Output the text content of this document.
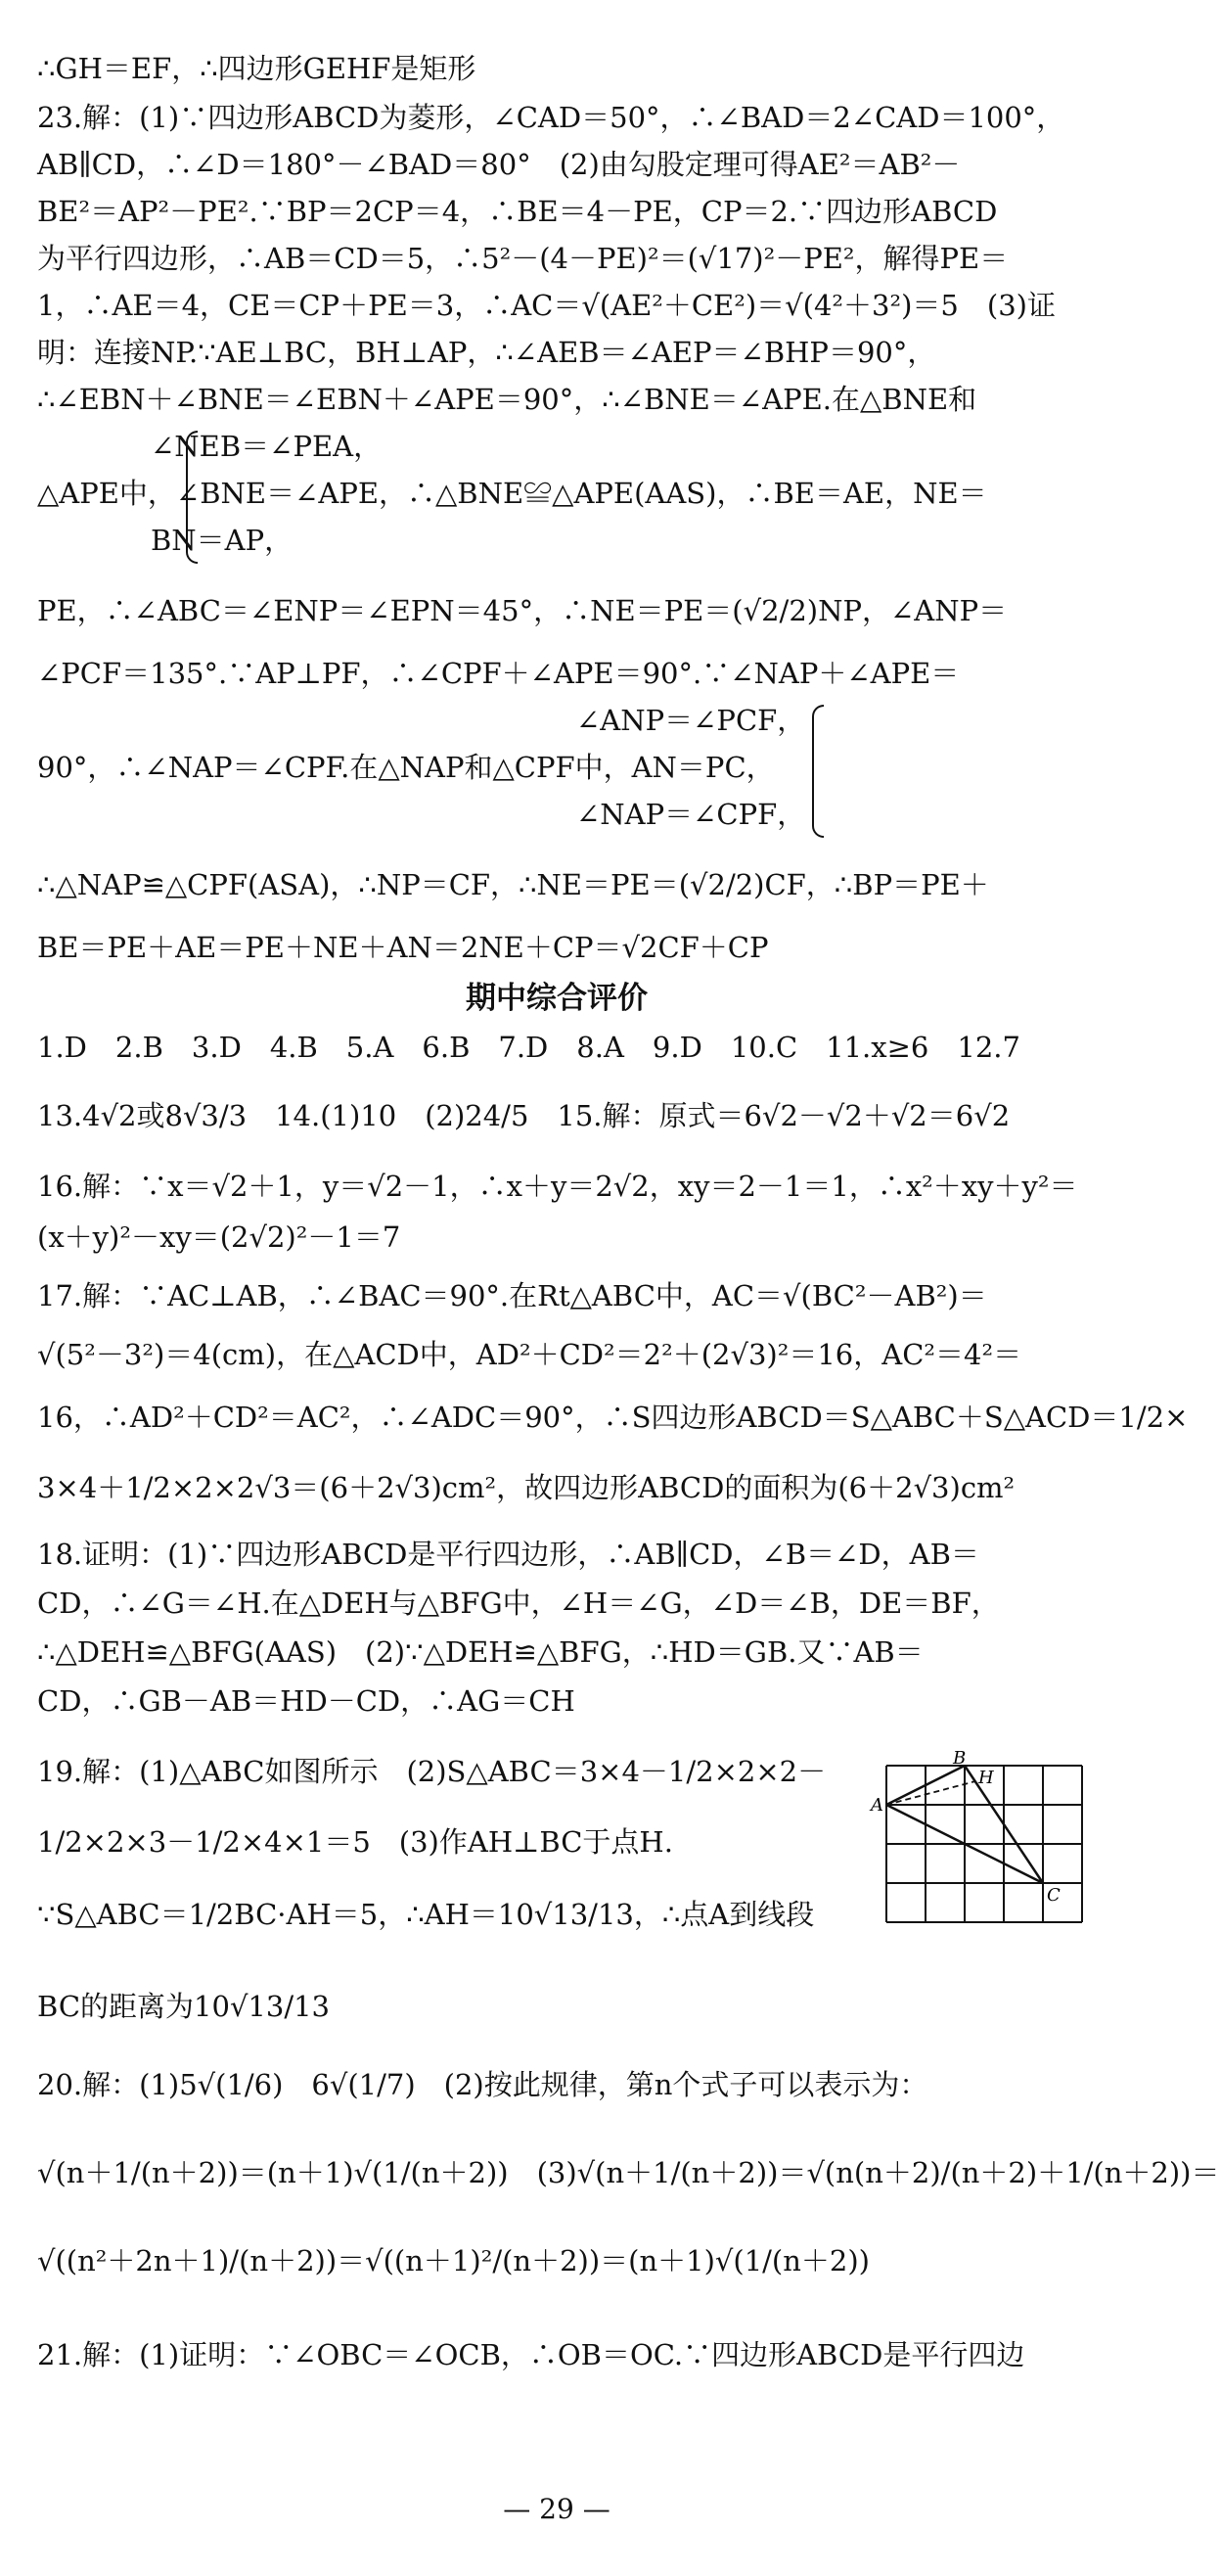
∴GH＝EF，∴四边形GEHF是矩形
23.解：(1)∵四边形ABCD为菱形，∠CAD＝50°，∴∠BAD＝2∠CAD＝100°，
AB∥CD，∴∠D＝180°－∠BAD＝80°　(2)由勾股定理可得AE²＝AB²－
BE²＝AP²－PE².∵BP＝2CP＝4，∴BE＝4－PE，CP＝2.∵四边形ABCD
为平行四边形，∴AB＝CD＝5，∴5²－(4－PE)²＝(√17)²－PE²，解得PE＝
1，∴AE＝4，CE＝CP＋PE＝3，∴AC＝√(AE²＋CE²)＝√(4²＋3²)＝5　(3)证
明：连接NP.∵AE⊥BC，BH⊥AP，∴∠AEB＝∠AEP＝∠BHP＝90°，
∴∠EBN＋∠BNE＝∠EBN＋∠APE＝90°，∴∠BNE＝∠APE.在△BNE和
　　　　∠NEB＝∠PEA，
△APE中，∠BNE＝∠APE，∴△BNE≌△APE(AAS)，∴BE＝AE，NE＝
　　　　BN＝AP，
PE，∴∠ABC＝∠ENP＝∠EPN＝45°，∴NE＝PE＝(√2/2)NP，∠ANP＝
∠PCF＝135°.∵AP⊥PF，∴∠CPF＋∠APE＝90°.∵∠NAP＋∠APE＝
　　　　　　　　　　　　　　　　　　　∠ANP＝∠PCF，
90°，∴∠NAP＝∠CPF.在△NAP和△CPF中，AN＝PC，
　　　　　　　　　　　　　　　　　　　∠NAP＝∠CPF，
∴△NAP≌△CPF(ASA)，∴NP＝CF，∴NE＝PE＝(√2/2)CF，∴BP＝PE＋
BE＝PE＋AE＝PE＋NE＋AN＝2NE＋CP＝√2CF＋CP
1.D　2.B　3.D　4.B　5.A　6.B　7.D　8.A　9.D　10.C　11.x≥6　12.7
13.4√2或8√3/3　14.(1)10　(2)24/5　15.解：原式＝6√2－√2＋√2＝6√2
16.解：∵x＝√2＋1，y＝√2－1，∴x＋y＝2√2，xy＝2－1＝1，∴x²＋xy＋y²＝
(x＋y)²－xy＝(2√2)²－1＝7
17.解：∵AC⊥AB，∴∠BAC＝90°.在Rt△ABC中，AC＝√(BC²－AB²)＝
√(5²－3²)＝4(cm)，在△ACD中，AD²＋CD²＝2²＋(2√3)²＝16，AC²＝4²＝
16，∴AD²＋CD²＝AC²，∴∠ADC＝90°，∴S四边形ABCD＝S△ABC＋S△ACD＝1/2×
3×4＋1/2×2×2√3＝(6＋2√3)cm²，故四边形ABCD的面积为(6＋2√3)cm²
18.证明：(1)∵四边形ABCD是平行四边形，∴AB∥CD，∠B＝∠D，AB＝
CD，∴∠G＝∠H.在△DEH与△BFG中，∠H＝∠G，∠D＝∠B，DE＝BF，
∴△DEH≌△BFG(AAS)　(2)∵△DEH≌△BFG，∴HD＝GB.又∵AB＝
CD，∴GB－AB＝HD－CD，∴AG＝CH
19.解：(1)△ABC如图所示　(2)S△ABC＝3×4－1/2×2×2－
1/2×2×3－1/2×4×1＝5　(3)作AH⊥BC于点H.
∵S△ABC＝1/2BC·AH＝5，∴AH＝10√13/13，∴点A到线段
BC的距离为10√13/13
20.解：(1)5√(1/6)　6√(1/7)　(2)按此规律，第n个式子可以表示为：
√(n＋1/(n＋2))＝(n＋1)√(1/(n＋2))　(3)√(n＋1/(n＋2))＝√(n(n＋2)/(n＋2)＋1/(n＋2))＝
√((n²＋2n＋1)/(n＋2))＝√((n＋1)²/(n＋2))＝(n＋1)√(1/(n＋2))
21.解：(1)证明：∵∠OBC＝∠OCB，∴OB＝OC.∵四边形ABCD是平行四边
期中综合评价
B
H
A
C
— 29 —
